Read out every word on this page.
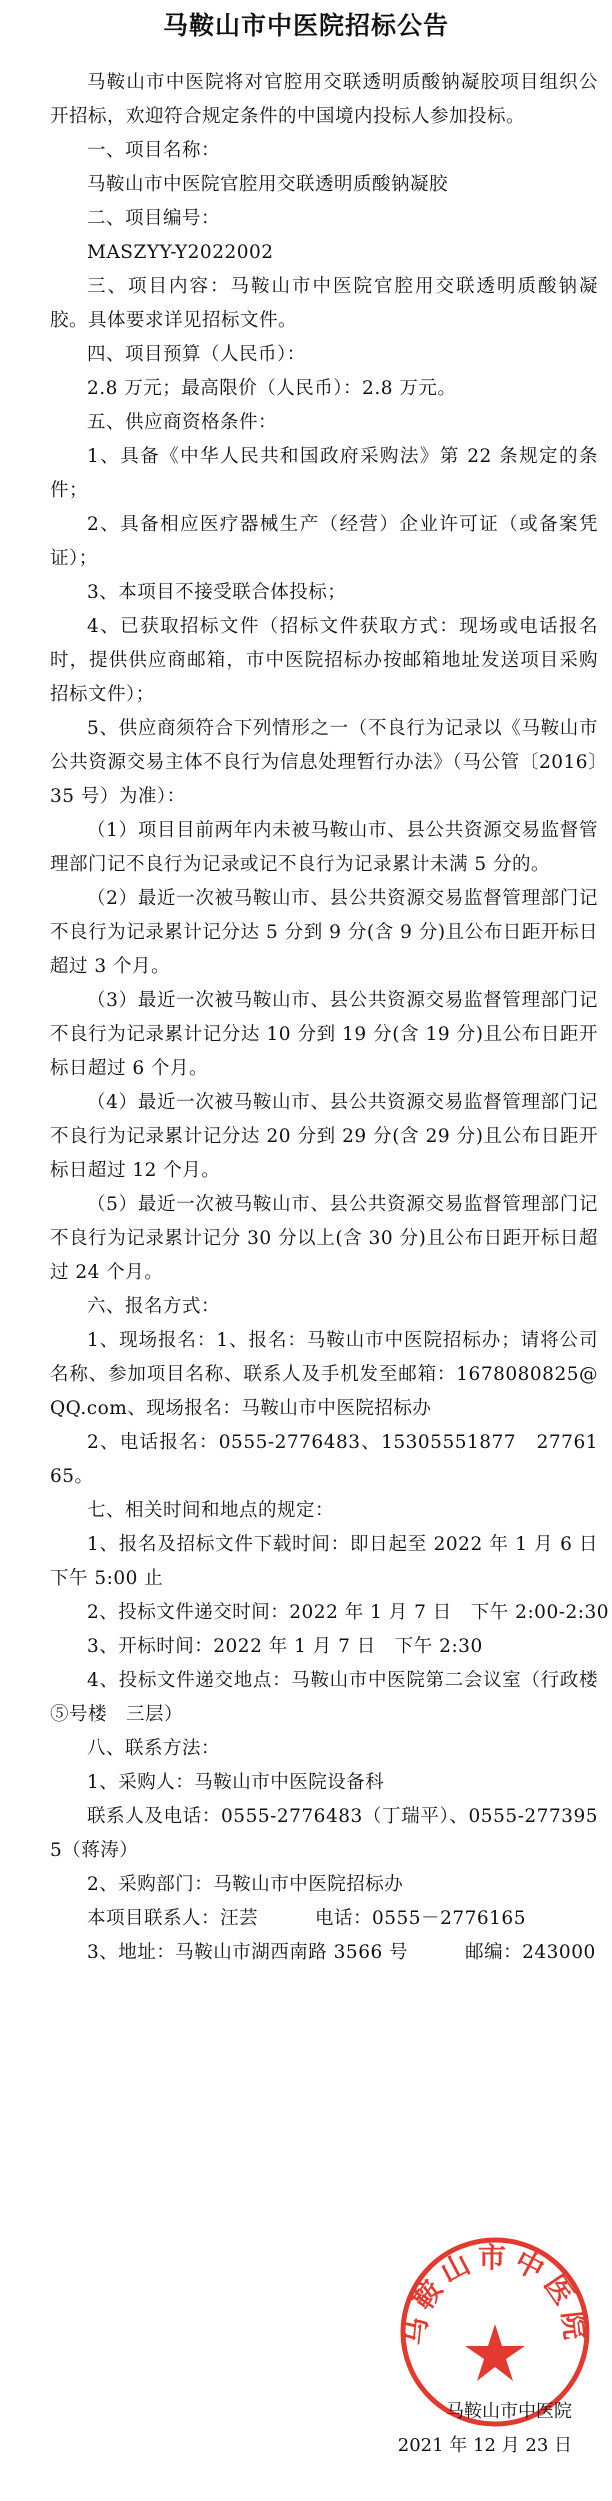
马鞍山市中医院招标公告

马鞍山市中医院将对官腔用交联透明质酸钠凝胶项目组织公开招标，欢迎符合规定条件的中国境内投标人参加投标。

一、项目名称：

马鞍山市中医院官腔用交联透明质酸钠凝胶

二、项目编号：

MASZYY-Y2022002

三、项目内容：马鞍山市中医院官腔用交联透明质酸钠凝胶。具体要求详见招标文件。

四、项目预算（人民币）：

2.8 万元；最高限价（人民币）：2.8 万元。

五、供应商资格条件：

1、具备《中华人民共和国政府采购法》第 22 条规定的条件；

2、具备相应医疗器械生产（经营）企业许可证（或备案凭证）；

3、本项目不接受联合体投标；

4、已获取招标文件（招标文件获取方式：现场或电话报名时，提供供应商邮箱，市中医院招标办按邮箱地址发送项目采购招标文件）；

5、供应商须符合下列情形之一（不良行为记录以《马鞍山市公共资源交易主体不良行为信息处理暂行办法》（马公管〔2016〕35 号）为准）：

（1）项目目前两年内未被马鞍山市、县公共资源交易监督管理部门记不良行为记录或记不良行为记录累计未满 5 分的。

（2）最近一次被马鞍山市、县公共资源交易监督管理部门记不良行为记录累计记分达 5 分到 9 分(含 9 分)且公布日距开标日超过 3 个月。

（3）最近一次被马鞍山市、县公共资源交易监督管理部门记不良行为记录累计记分达 10 分到 19 分(含 19 分)且公布日距开标日超过 6 个月。

（4）最近一次被马鞍山市、县公共资源交易监督管理部门记不良行为记录累计记分达 20 分到 29 分(含 29 分)且公布日距开标日超过 12 个月。

（5）最近一次被马鞍山市、县公共资源交易监督管理部门记不良行为记录累计记分 30 分以上(含 30 分)且公布日距开标日超过 24 个月。

六、报名方式：

1、现场报名：1、报名：马鞍山市中医院招标办；请将公司名称、参加项目名称、联系人及手机发至邮箱：1678080825@QQ.com、现场报名：马鞍山市中医院招标办

2、电话报名：0555-2776483、15305551877　2776165。

七、相关时间和地点的规定：

1、报名及招标文件下载时间：即日起至 2022 年 1 月 6 日 下午 5:00 止

2、投标文件递交时间：2022 年 1 月 7 日　下午 2:00-2:30

3、开标时间：2022 年 1 月 7 日　下午 2:30

4、投标文件递交地点：马鞍山市中医院第二会议室（行政楼⑤号楼　三层）

八、联系方法：

1、采购人：马鞍山市中医院设备科

联系人及电话：0555-2776483（丁瑞平）、0555-2773955（蒋涛）

2、采购部门：马鞍山市中医院招标办

本项目联系人：汪芸　　　电话：0555－2776165

3、地址：马鞍山市湖西南路 3566 号　　　邮编：243000

马鞍山市中医院
马鞍山市中医院
2021 年 12 月 23 日
